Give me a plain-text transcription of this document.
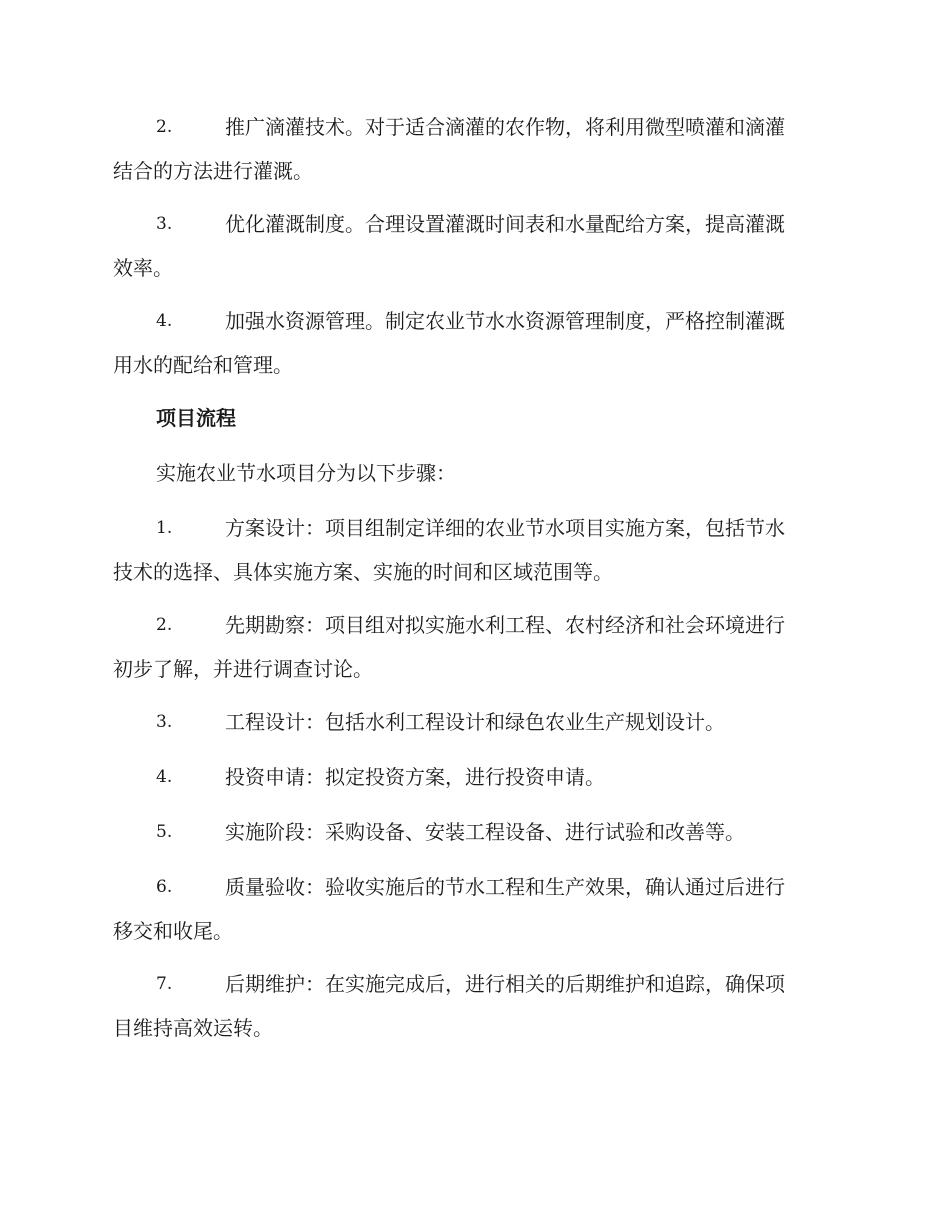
2.	推广滴灌技术。对于适合滴灌的农作物，将利用微型喷灌和滴灌
结合的方法进行灌溉。
3.	优化灌溉制度。合理设置灌溉时间表和水量配给方案，提高灌溉
效率。
4.	加强水资源管理。制定农业节水水资源管理制度，严格控制灌溉
用水的配给和管理。
项目流程
实施农业节水项目分为以下步骤：
1.	方案设计：项目组制定详细的农业节水项目实施方案，包括节水
技术的选择、具体实施方案、实施的时间和区域范围等。
2.	先期勘察：项目组对拟实施水利工程、农村经济和社会环境进行
初步了解，并进行调查讨论。
3.	工程设计：包括水利工程设计和绿色农业生产规划设计。
4.	投资申请：拟定投资方案，进行投资申请。
5.	实施阶段：采购设备、安装工程设备、进行试验和改善等。
6.	质量验收：验收实施后的节水工程和生产效果，确认通过后进行
移交和收尾。
7.	后期维护：在实施完成后，进行相关的后期维护和追踪，确保项
目维持高效运转。
